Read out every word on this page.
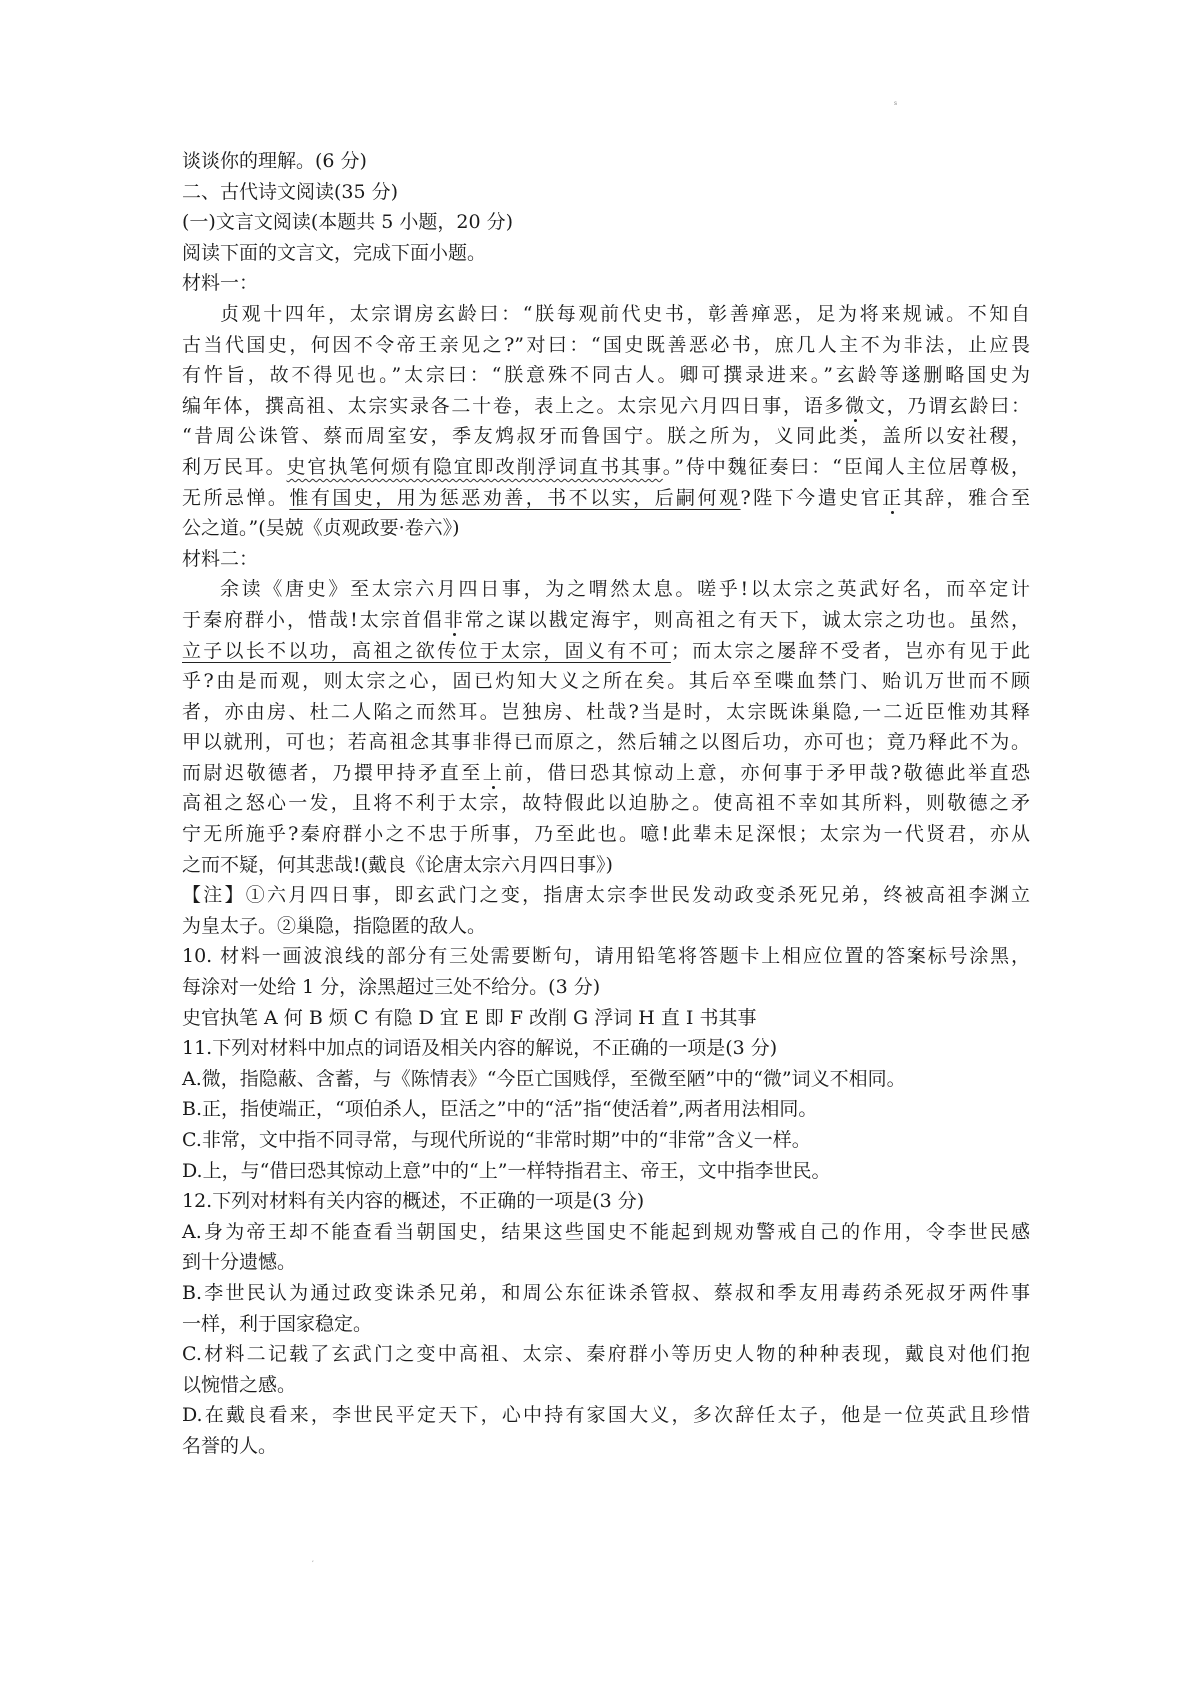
s
,
谈谈你的理解。(6 分)
二、古代诗文阅读(35 分)
(一)文言文阅读(本题共 5 小题，20 分)
阅读下面的文言文，完成下面小题。
材料一：
贞观十四年，太宗谓房玄龄曰：“朕每观前代史书，彰善瘅恶，足为将来规诫。不知自
古当代国史，何因不令帝王亲见之?”对曰：“国史既善恶必书，庶几人主不为非法，止应畏
有忤旨，故不得见也。”太宗曰：“朕意殊不同古人。卿可撰录进来。”玄龄等遂删略国史为
编年体，撰高祖、太宗实录各二十卷，表上之。太宗见六月四日事，语多微文，乃谓玄龄曰：
“昔周公诛管、蔡而周室安，季友鸩叔牙而鲁国宁。朕之所为，义同此类，盖所以安社稷，
利万民耳。史官执笔何烦有隐宜即改削浮词直书其事。”侍中魏征奏曰：“臣闻人主位居尊极，
无所忌惮。惟有国史，用为惩恶劝善，书不以实，后嗣何观?陛下今遣史官正其辞，雅合至
公之道。”(吴兢《贞观政要·卷六》)
材料二：
余读《唐史》至太宗六月四日事，为之喟然太息。嗟乎!以太宗之英武好名，而卒定计
于秦府群小，惜哉!太宗首倡非常之谋以戡定海宇，则高祖之有天下，诚太宗之功也。虽然，
立子以长不以功，高祖之欲传位于太宗，固义有不可；而太宗之屡辞不受者，岂亦有见于此
乎?由是而观，则太宗之心，固已灼知大义之所在矣。其后卒至喋血禁门、贻讥万世而不顾
者，亦由房、杜二人陷之而然耳。岂独房、杜哉?当是时，太宗既诛巢隐,一二近臣惟劝其释
甲以就刑，可也；若高祖念其事非得已而原之，然后辅之以图后功，亦可也；竟乃释此不为。
而尉迟敬德者，乃擐甲持矛直至上前，借曰恐其惊动上意，亦何事于矛甲哉?敬德此举直恐
高祖之怒心一发，且将不利于太宗，故特假此以迫胁之。使高祖不幸如其所料，则敬德之矛
宁无所施乎?秦府群小之不忠于所事，乃至此也。噫!此辈未足深恨；太宗为一代贤君，亦从
之而不疑，何其悲哉!(戴良《论唐太宗六月四日事》)
【注】①六月四日事，即玄武门之变，指唐太宗李世民发动政变杀死兄弟，终被高祖李渊立
为皇太子。②巢隐，指隐匿的敌人。
10. 材料一画波浪线的部分有三处需要断句，请用铅笔将答题卡上相应位置的答案标号涂黑，
每涂对一处给 1 分，涂黑超过三处不给分。(3 分)
史官执笔 A 何 B 烦 C 有隐 D 宜 E 即 F 改削 G 浮词 H 直 I 书其事
11.下列对材料中加点的词语及相关内容的解说，不正确的一项是(3 分)
A.微，指隐蔽、含蓄，与《陈情表》“今臣亡国贱俘，至微至陋”中的“微”词义不相同。
B.正，指使端正，“项伯杀人，臣活之”中的“活”指“使活着”,两者用法相同。
C.非常，文中指不同寻常，与现代所说的“非常时期”中的“非常”含义一样。
D.上，与“借曰恐其惊动上意”中的“上”一样特指君主、帝王，文中指李世民。
12.下列对材料有关内容的概述，不正确的一项是(3 分)
A.身为帝王却不能查看当朝国史，结果这些国史不能起到规劝警戒自己的作用，令李世民感
到十分遗憾。
B.李世民认为通过政变诛杀兄弟，和周公东征诛杀管叔、蔡叔和季友用毒药杀死叔牙两件事
一样，利于国家稳定。
C.材料二记载了玄武门之变中高祖、太宗、秦府群小等历史人物的种种表现，戴良对他们抱
以惋惜之感。
D.在戴良看来，李世民平定天下，心中持有家国大义，多次辞任太子，他是一位英武且珍惜
名誉的人。
